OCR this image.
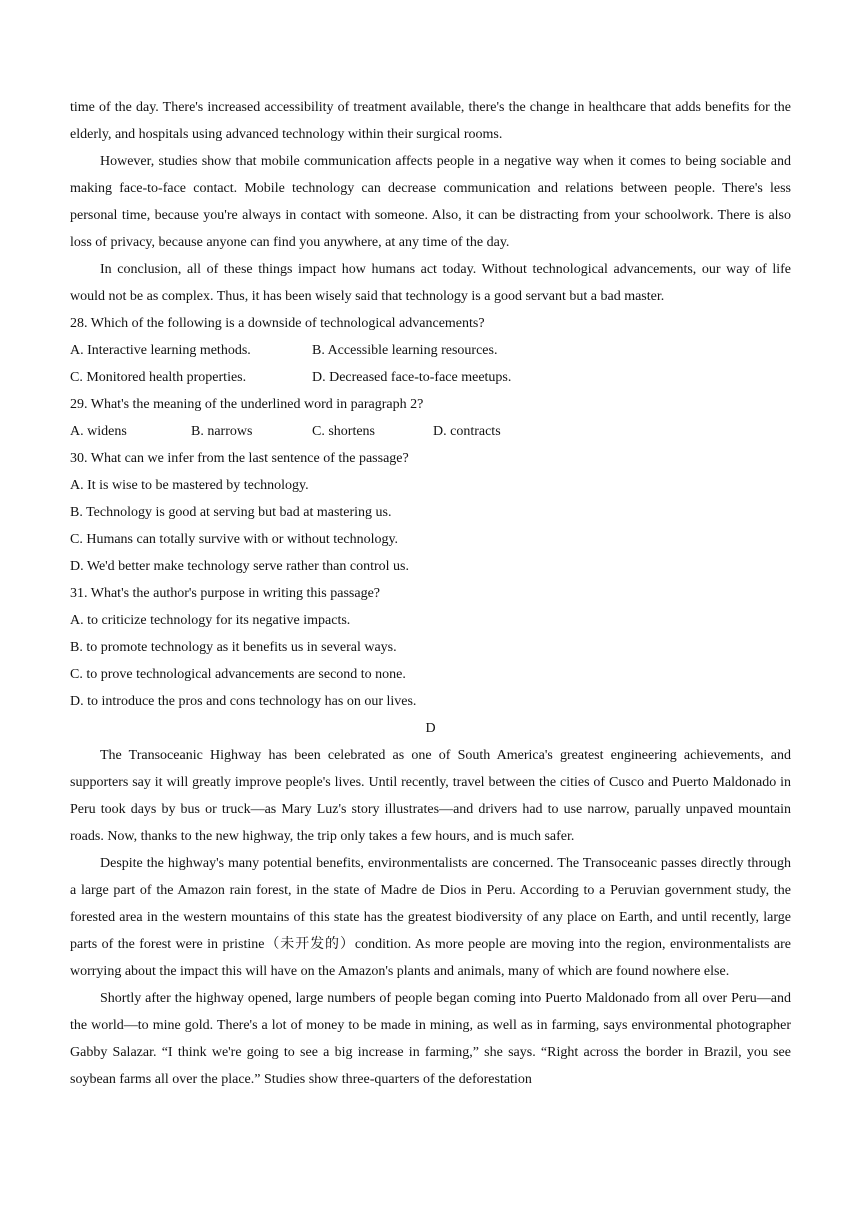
time of the day. There's increased accessibility of treatment available, there's the change in healthcare that adds benefits for the elderly, and hospitals using advanced technology within their surgical rooms.

However, studies show that mobile communication affects people in a negative way when it comes to being sociable and making face-to-face contact. Mobile technology can decrease communication and relations between people. There's less personal time, because you're always in contact with someone. Also, it can be distracting from your schoolwork. There is also loss of privacy, because anyone can find you anywhere, at any time of the day.

In conclusion, all of these things impact how humans act today. Without technological advancements, our way of life would not be as complex. Thus, it has been wisely said that technology is a good servant but a bad master.

28. Which of the following is a downside of technological advancements?

A. Interactive learning methods.	B. Accessible learning resources.
C. Monitored health properties.	D. Decreased face-to-face meetups.

29. What's the meaning of the underlined word in paragraph 2?

A. widens	B. narrows	C. shortens	D. contracts

30. What can we infer from the last sentence of the passage?

A. It is wise to be mastered by technology.

B. Technology is good at serving but bad at mastering us.

C. Humans can totally survive with or without technology.

D. We'd better make technology serve rather than control us.

31. What's the author's purpose in writing this passage?

A. to criticize technology for its negative impacts.

B. to promote technology as it benefits us in several ways.

C. to prove technological advancements are second to none.

D. to introduce the pros and cons technology has on our lives.

D

The Transoceanic Highway has been celebrated as one of South America's greatest engineering achievements, and supporters say it will greatly improve people's lives. Until recently, travel between the cities of Cusco and Puerto Maldonado in Peru took days by bus or truck—as Mary Luz's story illustrates—and drivers had to use narrow, parually unpaved mountain roads. Now, thanks to the new highway, the trip only takes a few hours, and is much safer.

Despite the highway's many potential benefits, environmentalists are concerned. The Transoceanic passes directly through a large part of the Amazon rain forest, in the state of Madre de Dios in Peru. According to a Peruvian government study, the forested area in the western mountains of this state has the greatest biodiversity of any place on Earth, and until recently, large parts of the forest were in pristine（未开发的）condition. As more people are moving into the region, environmentalists are worrying about the impact this will have on the Amazon's plants and animals, many of which are found nowhere else.

Shortly after the highway opened, large numbers of people began coming into Puerto Maldonado from all over Peru—and the world—to mine gold. There's a lot of money to be made in mining, as well as in farming, says environmental photographer Gabby Salazar. “I think we're going to see a big increase in farming,” she says. “Right across the border in Brazil, you see soybean farms all over the place.” Studies show three-quarters of the deforestation
